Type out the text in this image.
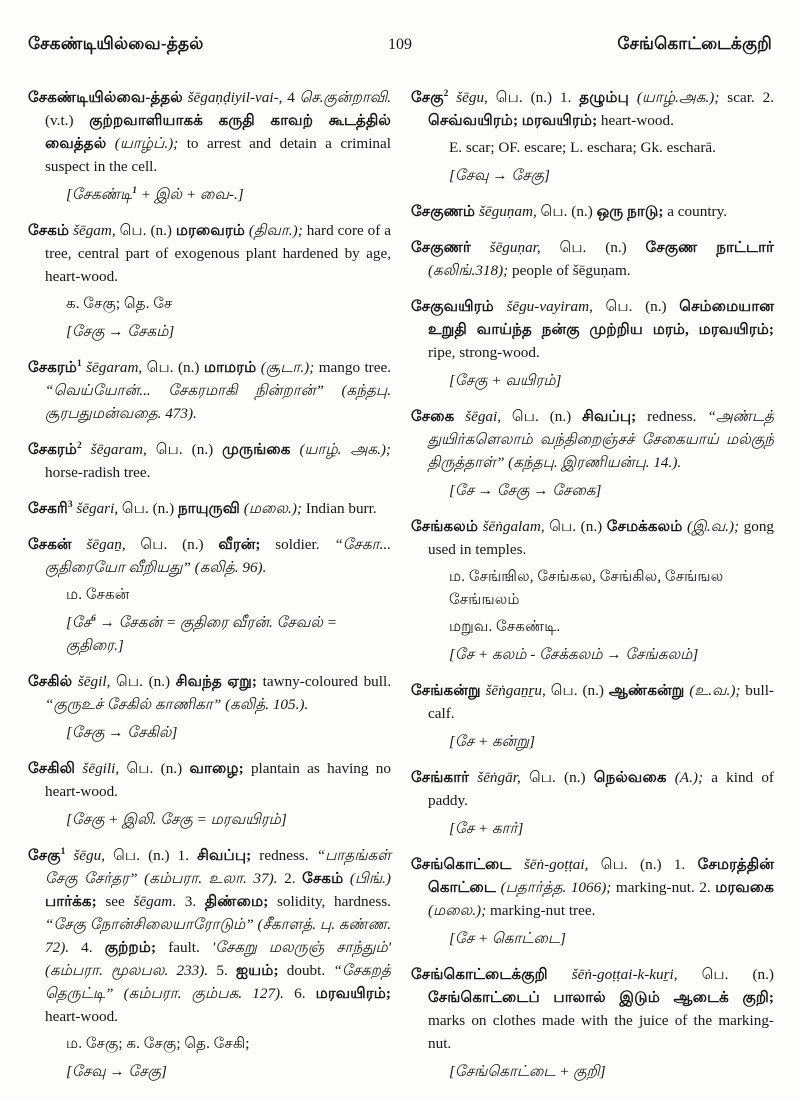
சேகண்டியில்வை-த்தல்	109	சேங்கொட்டைக்குறி

சேகண்டியில்வை-த்தல் šēgaṇḍiyil-vai-, 4 செ.குன்றாவி. (v.t.) குற்றவாளியாகக் கருதி காவற் கூடத்தில் வைத்தல் (யாழ்ப்.); to arrest and detain a criminal suspect in the cell.

[சேகண்டி$^1$ + இல் + வை-.]

சேகம் šēgam, பெ. (n.) மரவைரம் (திவா.); hard core of a tree, central part of exogenous plant hardened by age, heart-wood.

க. சேகு; தெ. சே

[சேகு → சேகம்]

சேகரம்$^1$ šēgaram, பெ. (n.) மாமரம் (சூடா.); mango tree. “வெய்யோன்... சேகரமாகி நின்றான்” (கந்தபு. சூரபதுமன்வதை. 473).

சேகரம்$^2$ šēgaram, பெ. (n.) முருங்கை (யாழ். அக.); horse-radish tree.

சேகரி$^3$ šēgari, பெ. (n.) நாயுருவி (மலை.); Indian burr.

சேகன் šēgaṉ, பெ. (n.) வீரன்; soldier. “சேகா... குதிரையோ வீறியது” (கலித். 96).

ம. சேகன்

[சே$^6$ → சேகன் = குதிரை வீரன். சேவல் = குதிரை.]

சேகில் šēgil, பெ. (n.) சிவந்த ஏறு; tawny-coloured bull. “குருஉச் சேகில் காணிகா” (கலித். 105.).

[சேகு → சேகில்]

சேகிலி šēgili, பெ. (n.) வாழை; plantain as having no heart-wood.

[சேகு + இலி. சேகு = மரவயிரம்]

சேகு$^1$ šēgu, பெ. (n.) 1. சிவப்பு; redness. “பாதங்கள் சேகு சேர்தர” (கம்பரா. உலா. 37). 2. சேகம் (பிங்.) பார்க்க; see šēgam. 3. திண்மை; solidity, hardness. “சேகு நோன்சிலையாரோடும்” (சீகாளத். பு. கண்ண. 72). 4. குற்றம்; fault. 'சேகறு மலருஞ் சாந்தும்' (கம்பரா. மூலபல. 233). 5. ஐயம்; doubt. “சேகறத் தெருட்டி” (கம்பரா. கும்பக. 127). 6. மரவயிரம்; heart-wood.

ம. சேகு; க. சேகு; தெ. சேகி;

[சேவு → சேகு]

சேகு$^2$ šēgu, பெ. (n.) 1. தழும்பு (யாழ்.அக.); scar. 2. செவ்வயிரம்; மரவயிரம்; heart-wood.

E. scar; OF. escare; L. eschara; Gk. escharā.

[சேவு → சேகு]

சேகுணம் šēguṇam, பெ. (n.) ஒரு நாடு; a country.

சேகுணர் šēguṇar, பெ. (n.) சேகுண நாட்டார் (கலிங்.318); people of šēguṇam.

சேகுவயிரம் šēgu-vayiram, பெ. (n.) செம்மையான உறுதி வாய்ந்த நன்கு முற்றிய மரம், மரவயிரம்; ripe, strong-wood.

[சேகு + வயிரம்]

சேகை šēgai, பெ. (n.) சிவப்பு; redness. “அண்டத் துயிர்களெலாம் வந்திறைஞ்சச் சேகையாய் மல்குந் திருத்தாள்” (கந்தபு. இரணியன்பு. 14.).

[சே → சேகு → சேகை]

சேங்கலம் šēṅgalam, பெ. (n.) சேமக்கலம் (இ.வ.); gong used in temples.

ம. சேங்ஙில, சேங்கல, சேங்கில, சேங்ஙல சேங்ஙலம்

மறுவ. சேகண்டி.

[சே + கலம் - சேக்கலம் → சேங்கலம்]

சேங்கன்று šēṅgaṉṟu, பெ. (n.) ஆண்கன்று (உ.வ.); bull-calf.

[சே + கன்று]

சேங்கார் šēṅgār, பெ. (n.) நெல்வகை (A.); a kind of paddy.

[சே + கார்]

சேங்கொட்டை šēṅ-goṭṭai, பெ. (n.) 1. சேமரத்தின் கொட்டை (பதார்த்த. 1066); marking-nut. 2. மரவகை (மலை.); marking-nut tree.

[சே + கொட்டை]

சேங்கொட்டைக்குறி šēṅ-goṭṭai-k-kuṟi, பெ. (n.) சேங்கொட்டைப் பாலால் இடும் ஆடைக் குறி; marks on clothes made with the juice of the marking-nut.

[சேங்கொட்டை + குறி]
